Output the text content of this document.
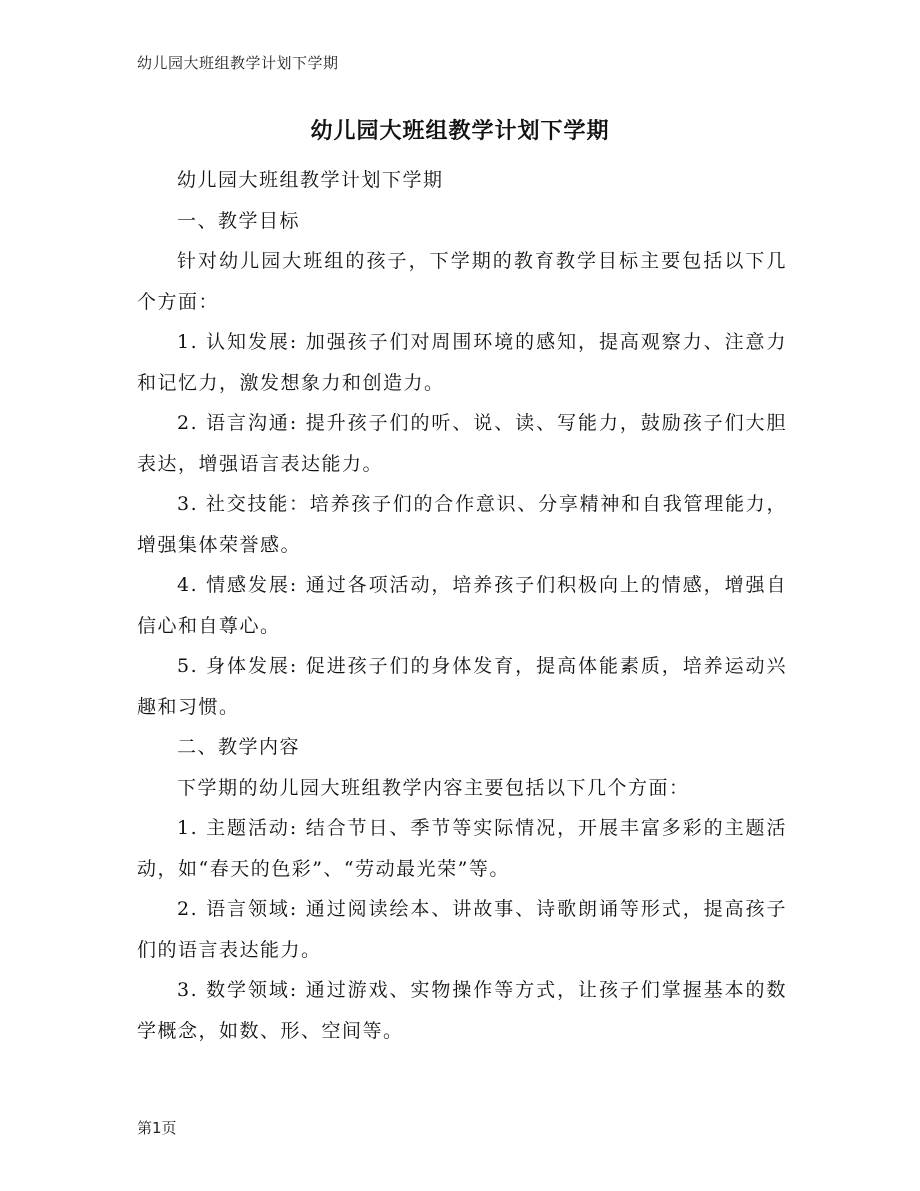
幼儿园大班组教学计划下学期
幼儿园大班组教学计划下学期

幼儿园大班组教学计划下学期

一、教学目标

针对幼儿园大班组的孩子，下学期的教育教学目标主要包括以下几个方面：

1. 认知发展: 加强孩子们对周围环境的感知，提高观察力、注意力和记忆力，激发想象力和创造力。

2. 语言沟通: 提升孩子们的听、说、读、写能力，鼓励孩子们大胆表达，增强语言表达能力。

3. 社交技能：培养孩子们的合作意识、分享精神和自我管理能力，增强集体荣誉感。

4. 情感发展: 通过各项活动，培养孩子们积极向上的情感，增强自信心和自尊心。

5. 身体发展: 促进孩子们的身体发育，提高体能素质，培养运动兴趣和习惯。

二、教学内容

下学期的幼儿园大班组教学内容主要包括以下几个方面：

1. 主题活动: 结合节日、季节等实际情况，开展丰富多彩的主题活动，如“春天的色彩”、“劳动最光荣”等。

2. 语言领域: 通过阅读绘本、讲故事、诗歌朗诵等形式，提高孩子们的语言表达能力。

3. 数学领域: 通过游戏、实物操作等方式，让孩子们掌握基本的数学概念，如数、形、空间等。

第1页
